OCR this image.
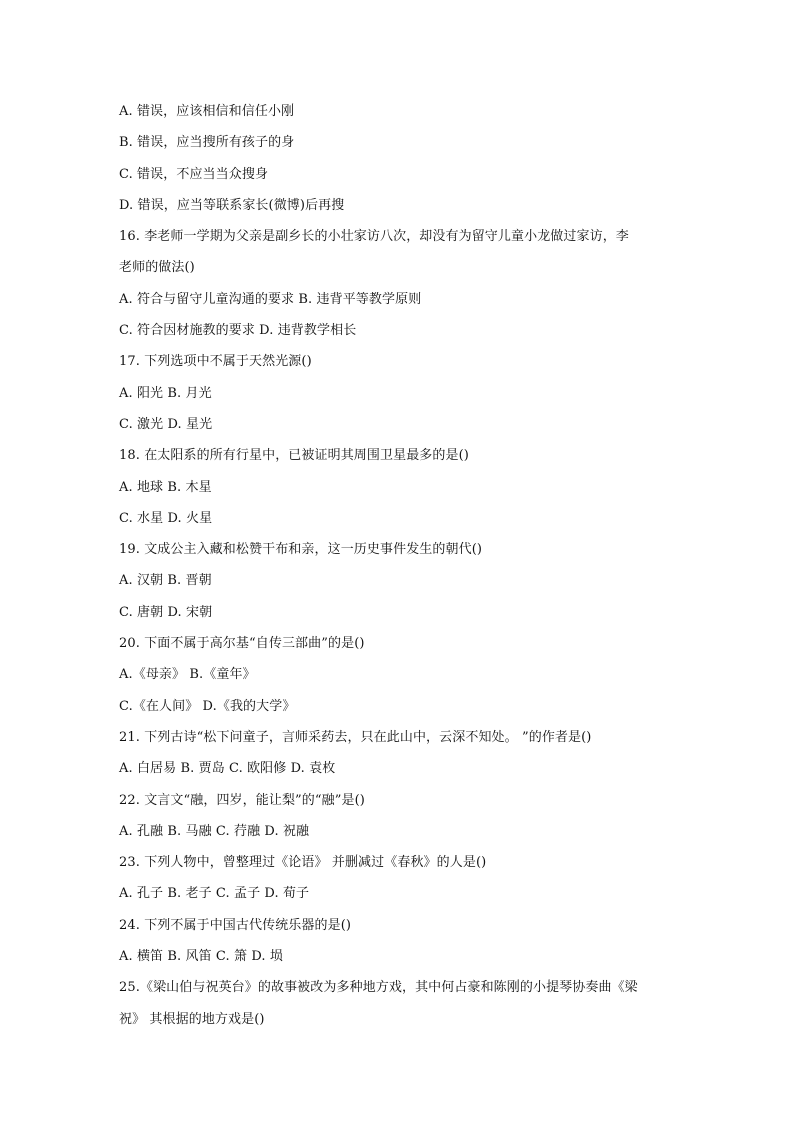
A. 错误，应该相信和信任小刚
B. 错误，应当搜所有孩子的身
C. 错误，不应当当众搜身
D. 错误，应当等联系家长(微博)后再搜
16. 李老师一学期为父亲是副乡长的小壮家访八次，却没有为留守儿童小龙做过家访，李
老师的做法()
A. 符合与留守儿童沟通的要求 B. 违背平等教学原则
C. 符合因材施教的要求 D. 违背教学相长
17. 下列选项中不属于天然光源()
A. 阳光 B. 月光
C. 激光 D. 星光
18. 在太阳系的所有行星中，已被证明其周围卫星最多的是()
A. 地球 B. 木星
C. 水星 D. 火星
19. 文成公主入藏和松赞干布和亲，这一历史事件发生的朝代()
A. 汉朝 B. 晋朝
C. 唐朝 D. 宋朝
20. 下面不属于高尔基“自传三部曲”的是()
A.《母亲》 B.《童年》
C.《在人间》 D.《我的大学》
21. 下列古诗“松下问童子，言师采药去，只在此山中，云深不知处。 ”的作者是()
A. 白居易 B. 贾岛 C. 欧阳修 D. 袁枚
22. 文言文“融，四岁，能让梨”的“融”是()
A. 孔融 B. 马融 C. 荇融 D. 祝融
23. 下列人物中，曾整理过《论语》 并删减过《春秋》的人是()
A. 孔子 B. 老子 C. 孟子 D. 荀子
24. 下列不属于中国古代传统乐器的是()
A. 横笛 B. 风笛 C. 箫 D. 埙
25.《梁山伯与祝英台》的故事被改为多种地方戏，其中何占豪和陈刚的小提琴协奏曲《梁
祝》 其根据的地方戏是()
